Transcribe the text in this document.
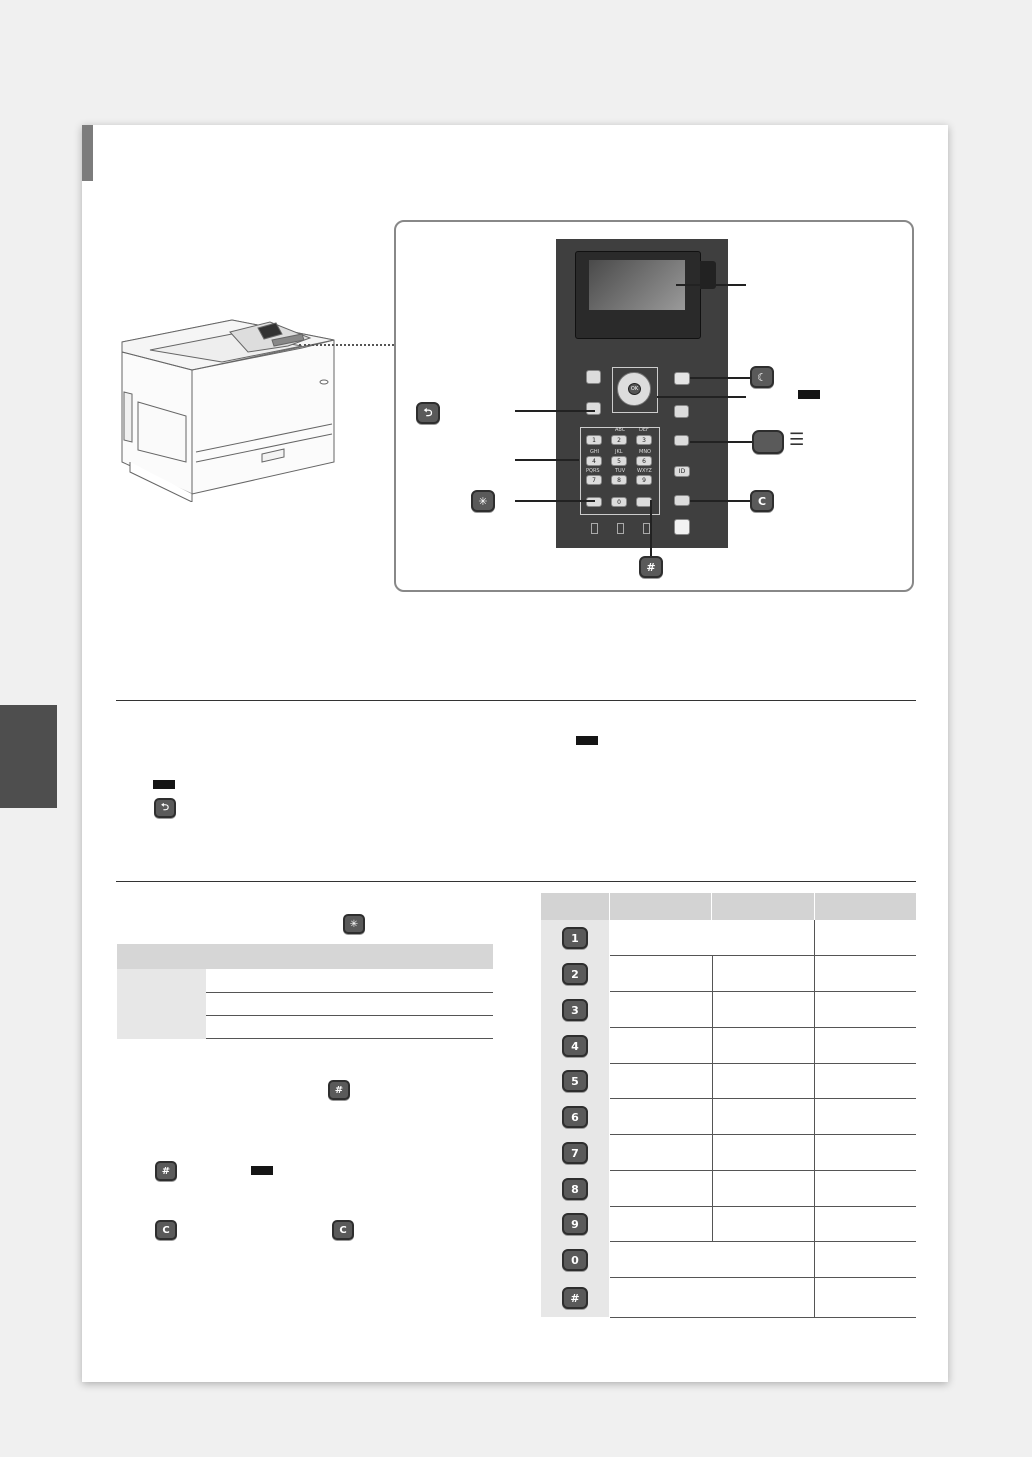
OK
ID
ABC	DEF
GHI	JKL	MNO
PQRS	TUV WXYZ
1	2	3
4	5	6
7	8	9
0
⮌
✳
#
☾
C
☰
⮌
✳
#
#
C	C
1
2
3
4
5
6
7
8
9
0
#
